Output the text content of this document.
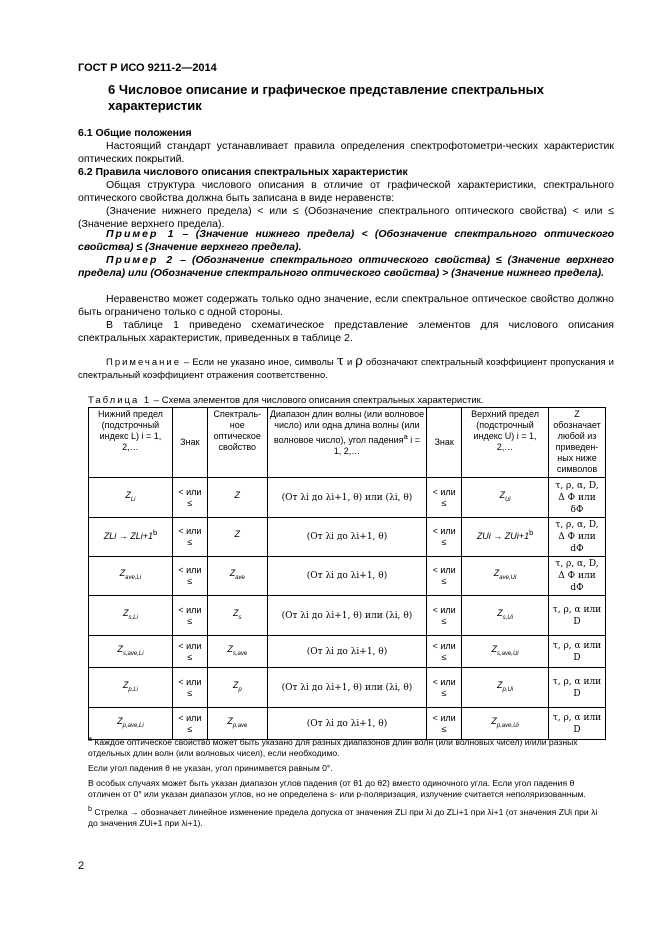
ГОСТ Р ИСО 9211-2—2014
6 Числовое описание и графическое представление спектральных характеристик
6.1 Общие положения
Настоящий стандарт устанавливает правила определения спектрофотометри-ческих характеристик оптических покрытий.
6.2 Правила числового описания спектральных характеристик
Общая структура числового описания в отличие от графической характеристики, спектрального оптического свойства должна быть записана в виде неравенств:
(Значение нижнего предела) < или ≤ (Обозначение спектрального оптического свойства) < или ≤ (Значение верхнего предела).
Пример 1 – (Значение нижнего предела) < (Обозначение спектрального оптического свойства) ≤ (Значение верхнего предела).
Пример 2 – (Обозначение спектрального оптического свойства) ≤ (Значение верхнего предела) или (Обозначение спектрального оптического свойства) > (Значение нижнего предела).
Неравенство может содержать только одно значение, если спектральное оптическое свойство должно быть ограничено только с одной стороны.
В таблице 1 приведено схематическое представление элементов для числового описания спектральных характеристик, приведенных в таблице 2.
Примечание – Если не указано иное, символы τ и ρ обозначают спектральный коэффициент пропускания и спектральный коэффициент отражения соответственно.
Таблица 1 – Схема элементов для числового описания спектральных характеристик.
Нижний предел (подстрочный индекс L) i = 1, 2,…	Знак	Спектраль-ное оптическое свойство	Диапазон длин волны (или волновое число) или одна длина волны (или волновое число), угол падения$^a$ i = 1, 2,…	Знак	Верхний предел (подстрочный индекс U) i = 1, 2,…	Z обозначает любой из приведен-ных ниже символов
$Z_{Li}$	< или ≤	Z	(От λi до λi+1, θ) или (λi, θ)	< или ≤	$Z_{Ui}$	τ, ρ, α, D, Δ Ф или δФ
ZLi → $ZLi+1^b$	< или ≤	Z	(От λi до λi+1, θ)	< или ≤	ZUi → $ZUi+1^b$	τ, ρ, α, D, Δ Ф или dФ
$Z_{ave,Li}$	< или ≤	$Z_{ave}$	(От λi до λi+1, θ)	< или ≤	$Z_{ave,Ui}$	τ, ρ, α, D, Δ Ф или dФ
$Z_{s,Li}$	< или ≤	$Z_s$	(От λi до λi+1, θ) или (λi, θ)	< или ≤	$Z_{s,Ui}$	τ, ρ, α или D
$Z_{s,ave,Li}$	< или ≤	$Z_{s,ave}$	(От λi до λi+1, θ)	< или ≤	$Z_{s,ave,Ui}$	τ, ρ, α или D
$Z_{p,Li}$	< или ≤	$Z_p$	(От λi до λi+1, θ) или (λi, θ)	< или ≤	$Z_{p,Ui}$	τ, ρ, α или D
$Z_{p,ave,Li}$	< или ≤	$Z_{p,ave}$	(От λi до λi+1, θ)	< или ≤	$Z_{p,ave,Ui}$	τ, ρ, α или D

$^a$ Каждое оптическое свойство может быть указано для разных диапазонов длин волн (или волновых чисел) и/или разных отдельных длин волн (или волновых чисел), если необходимо.

Если угол падения θ не указан, угол принимается равным 0°.

В особых случаях может быть указан диапазон углов падения (от θ1 до θ2) вместо одиночного угла. Если угол падения θ отличен от 0° или указан диапазон углов, но не определена s- или p-поляризация, излучение считается неполяризованным.

$^b$ Стрелка → обозначает линейное изменение предела допуска от значения ZLi при λi до ZLi+1 при λi+1 (от значения ZUi при λi до значения ZUi+1 при λi+1).

2
